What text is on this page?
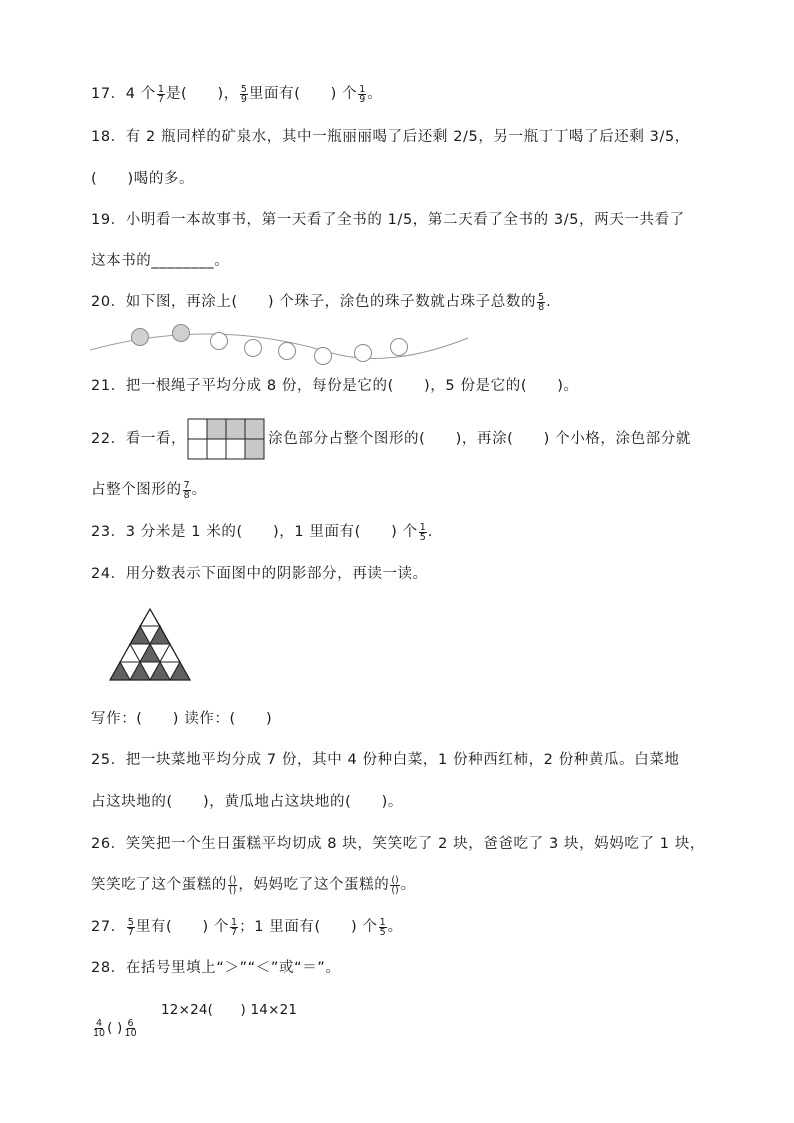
17．4 个 $\frac{1}{7}$ 是(　　)， $\frac{5}{9}$ 里面有(　　) 个 $\frac{1}{9}$ 。
18．有 2 瓶同样的矿泉水，其中一瓶丽丽喝了后还剩 2/5，另一瓶丁丁喝了后还剩 3/5，
(　　)喝的多。
19．小明看一本故事书，第一天看了全书的 1/5，第二天看了全书的 3/5，两天一共看了
这本书的________。
20．如下图，再涂上(　　) 个珠子，涂色的珠子数就占珠子总数的 $\frac{5}{8}$ .
21．把一根绳子平均分成 8 份，每份是它的(　　)，5 份是它的(　　)。
22．看一看，	涂色部分占整个图形的(　　)，再涂(　　) 个小格，涂色部分就
占整个图形的 $\frac{7}{8}$ 。
23．3 分米是 1 米的(　　)，1 里面有(　　) 个 $\frac{1}{5}$ .
24．用分数表示下面图中的阴影部分，再读一读。
写作：(　　) 读作：(　　)
25．把一块菜地平均分成 7 份，其中 4 份种白菜，1 份种西红柿，2 份种黄瓜。白菜地
占这块地的(　　)，黄瓜地占这块地的(　　)。
26．笑笑把一个生日蛋糕平均切成 8 块，笑笑吃了 2 块，爸爸吃了 3 块，妈妈吃了 1 块，
笑笑吃了这个蛋糕的 $\frac{()}{()}$ ，妈妈吃了这个蛋糕的 $\frac{()}{()}$ 。
27． $\frac{5}{7}$ 里有(　　) 个 $\frac{1}{7}$ ；1 里面有(　　) 个 $\frac{1}{5}$ 。
28．在括号里填上“＞”“＜”或“＝”。
12×24(　　) 14×21
$\frac{4}{10}$ ( ) $\frac{6}{10}$
